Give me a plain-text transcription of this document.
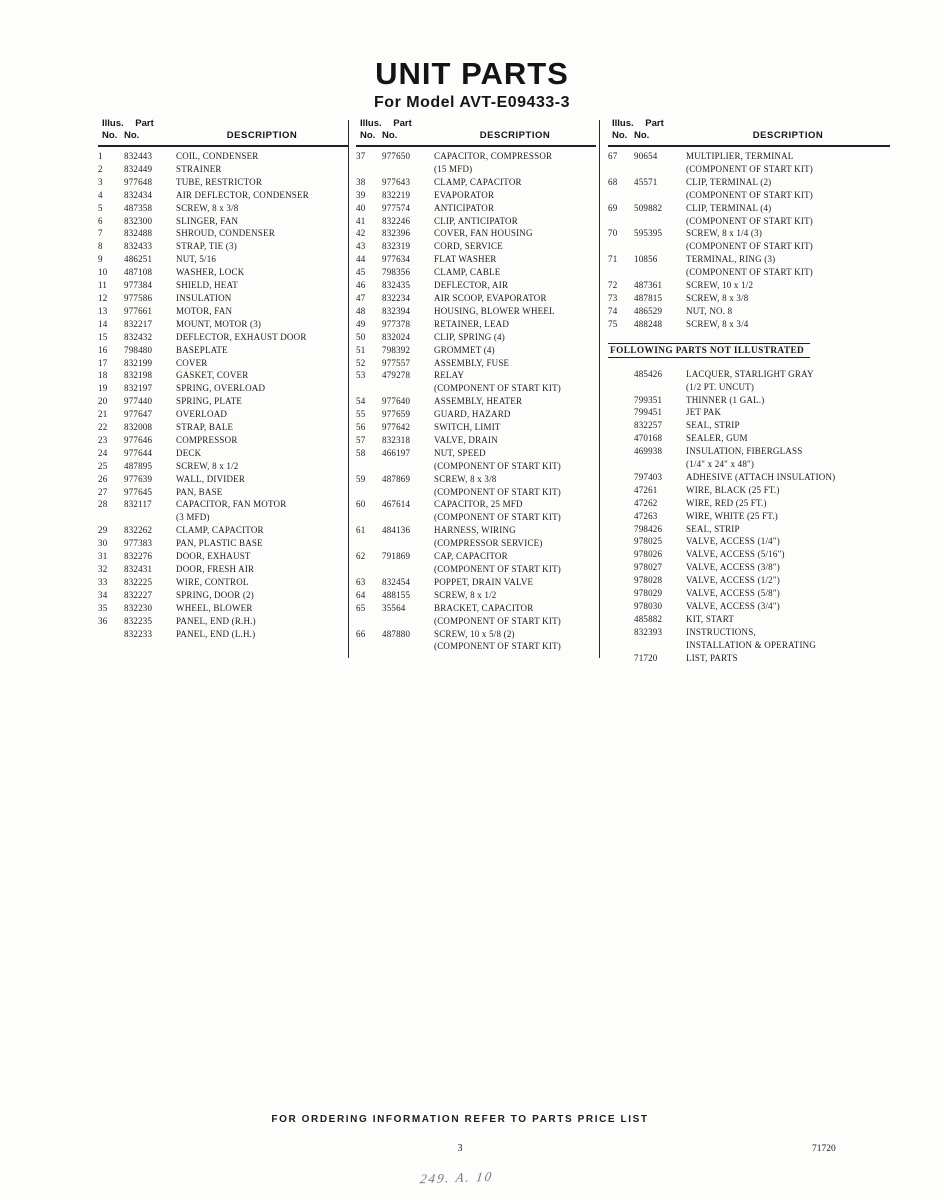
UNIT PARTS
For Model AVT-E09433-3
Illus. Part
No. No.	DESCRIPTION
1	832443	COIL, CONDENSER
2	832449	STRAINER
3	977648	TUBE, RESTRICTOR
4	832434	AIR DEFLECTOR, CONDENSER
5	487358	SCREW, 8 x 3/8
6	832300	SLINGER, FAN
7	832488	SHROUD, CONDENSER
8	832433	STRAP, TIE (3)
9	486251	NUT, 5/16
10	487108	WASHER, LOCK
11	977384	SHIELD, HEAT
12	977586	INSULATION
13	977661	MOTOR, FAN
14	832217	MOUNT, MOTOR (3)
15	832432	DEFLECTOR, EXHAUST DOOR
16	798480	BASEPLATE
17	832199	COVER
18	832198	GASKET, COVER
19	832197	SPRING, OVERLOAD
20	977440	SPRING, PLATE
21	977647	OVERLOAD
22	832008	STRAP, BALE
23	977646	COMPRESSOR
24	977644	DECK
25	487895	SCREW, 8 x 1/2
26	977639	WALL, DIVIDER
27	977645	PAN, BASE
28	832117	CAPACITOR, FAN MOTOR
(3 MFD)
29	832262	CLAMP, CAPACITOR
30	977383	PAN, PLASTIC BASE
31	832276	DOOR, EXHAUST
32	832431	DOOR, FRESH AIR
33	832225	WIRE, CONTROL
34	832227	SPRING, DOOR (2)
35	832230	WHEEL, BLOWER
36	832235	PANEL, END (R.H.)
832233	PANEL, END (L.H.)
Illus. Part
No. No.	DESCRIPTION
37	977650	CAPACITOR, COMPRESSOR
(15 MFD)
38	977643	CLAMP, CAPACITOR
39	832219	EVAPORATOR
40	977574	ANTICIPATOR
41	832246	CLIP, ANTICIPATOR
42	832396	COVER, FAN HOUSING
43	832319	CORD, SERVICE
44	977634	FLAT WASHER
45	798356	CLAMP, CABLE
46	832435	DEFLECTOR, AIR
47	832234	AIR SCOOP, EVAPORATOR
48	832394	HOUSING, BLOWER WHEEL
49	977378	RETAINER, LEAD
50	832024	CLIP, SPRING (4)
51	798392	GROMMET (4)
52	977557	ASSEMBLY, FUSE
53	479278	RELAY
(COMPONENT OF START KIT)
54	977640	ASSEMBLY, HEATER
55	977659	GUARD, HAZARD
56	977642	SWITCH, LIMIT
57	832318	VALVE, DRAIN
58	466197	NUT, SPEED
(COMPONENT OF START KIT)
59	487869	SCREW, 8 x 3/8
(COMPONENT OF START KIT)
60	467614	CAPACITOR, 25 MFD
(COMPONENT OF START KIT)
61	484136	HARNESS, WIRING
(COMPRESSOR SERVICE)
62	791869	CAP, CAPACITOR
(COMPONENT OF START KIT)
63	832454	POPPET, DRAIN VALVE
64	488155	SCREW, 8 x 1/2
65	35564	BRACKET, CAPACITOR
(COMPONENT OF START KIT)
66	487880	SCREW, 10 x 5/8 (2)
(COMPONENT OF START KIT)
Illus. Part
No. No.	DESCRIPTION
67	90654	MULTIPLIER, TERMINAL
(COMPONENT OF START KIT)
68	45571	CLIP, TERMINAL (2)
(COMPONENT OF START KIT)
69	509882	CLIP, TERMINAL (4)
(COMPONENT OF START KIT)
70	595395	SCREW, 8 x 1/4 (3)
(COMPONENT OF START KIT)
71	10856	TERMINAL, RING (3)
(COMPONENT OF START KIT)
72	487361	SCREW, 10 x 1/2
73	487815	SCREW, 8 x 3/8
74	486529	NUT, NO. 8
75	488248	SCREW, 8 x 3/4
FOLLOWING PARTS NOT ILLUSTRATED
485426	LACQUER, STARLIGHT GRAY
(1/2 PT. UNCUT)
799351	THINNER (1 GAL.)
799451	JET PAK
832257	SEAL, STRIP
470168	SEALER, GUM
469938	INSULATION, FIBERGLASS
(1/4" x 24" x 48")
797403	ADHESIVE (ATTACH INSULATION)
47261	WIRE, BLACK (25 FT.)
47262	WIRE, RED (25 FT.)
47263	WIRE, WHITE (25 FT.)
798426	SEAL, STRIP
978025	VALVE, ACCESS (1/4")
978026	VALVE, ACCESS (5/16")
978027	VALVE, ACCESS (3/8")
978028	VALVE, ACCESS (1/2")
978029	VALVE, ACCESS (5/8")
978030	VALVE, ACCESS (3/4")
485882	KIT, START
832393	INSTRUCTIONS,
INSTALLATION & OPERATING
71720	LIST, PARTS
FOR ORDERING INFORMATION REFER TO PARTS PRICE LIST
3	71720
249. A. 10
